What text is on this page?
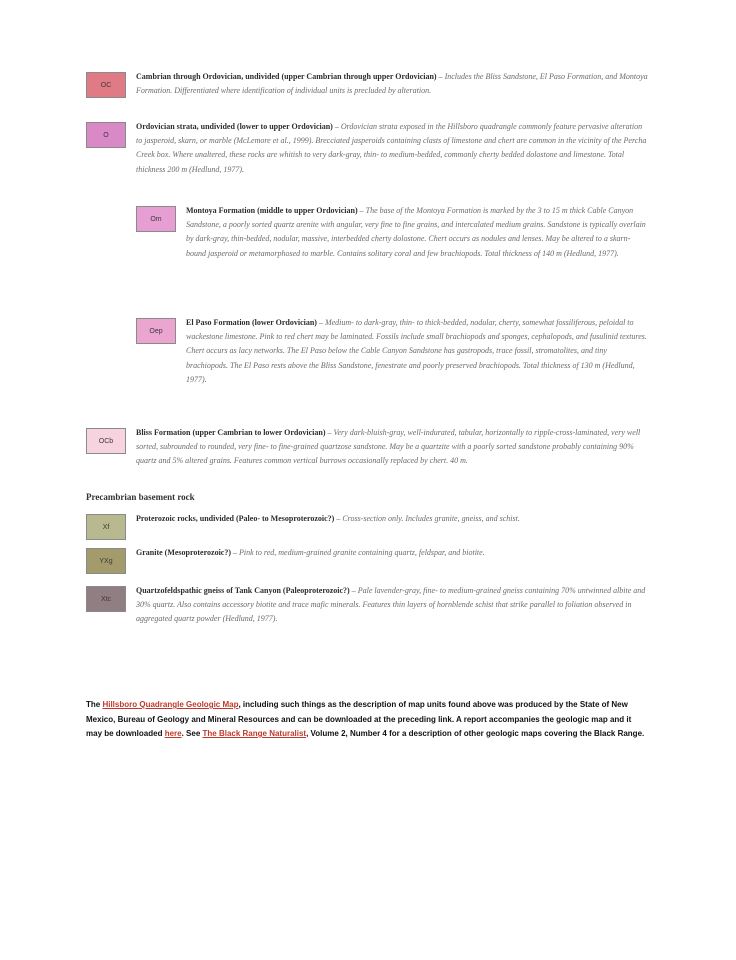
OC
Cambrian through Ordovician, undivided (upper Cambrian through upper Ordovician) – Includes the Bliss Sandstone, El Paso Formation, and Montoya Formation. Differentiated where identification of individual units is precluded by alteration.
O
Ordovician strata, undivided (lower to upper Ordovician) – Ordovician strata exposed in the Hillsboro quadrangle commonly feature pervasive alteration to jasperoid, skarn, or marble (McLemore et al., 1999). Brecciated jasperoids containing clasts of limestone and chert are common in the vicinity of the Percha Creek box. Where unaltered, these rocks are whitish to very dark-gray, thin- to medium-bedded, commonly cherty bedded dolostone and limestone. Total thickness 200 m (Hedlund, 1977).
Om
Montoya Formation (middle to upper Ordovician) – The base of the Montoya Formation is marked by the 3 to 15 m thick Cable Canyon Sandstone, a poorly sorted quartz arenite with angular, very fine to fine grains, and intercalated medium grains. Sandstone is typically overlain by dark-gray, thin-bedded, nodular, massive, interbedded cherty dolostone. Chert occurs as nodules and lenses. May be altered to a skarn-bound jasperoid or metamorphosed to marble. Contains solitary coral and few brachiopods. Total thickness of 140 m (Hedlund, 1977).
Oep
El Paso Formation (lower Ordovician) – Medium- to dark-gray, thin- to thick-bedded, nodular, cherty, somewhat fossiliferous, peloidal to wackestone limestone. Pink to red chert may be laminated. Fossils include small brachiopods and sponges, cephalopods, and fusulinid textures. Chert occurs as lacy networks. The El Paso below the Cable Canyon Sandstone has gastropods, trace fossil, stromatolites, and tiny brachiopods. The El Paso rests above the Bliss Sandstone, fenestrate and poorly preserved brachiopods. Total thickness of 130 m (Hedlund, 1977).
OCb
Bliss Formation (upper Cambrian to lower Ordovician) – Very dark-bluish-gray, well-indurated, tabular, horizontally to ripple-cross-laminated, very well sorted, subrounded to rounded, very fine- to fine-grained quartzose sandstone. May be a quartzite with a poorly sorted sandstone probably containing 90% quartz and 5% altered grains. Features common vertical burrows occasionally replaced by chert. 40 m.
Precambrian basement rock
Xf
Proterozoic rocks, undivided (Paleo- to Mesoproterozoic?) – Cross-section only. Includes granite, gneiss, and schist.
YXg
Granite (Mesoproterozoic?) – Pink to red, medium-grained granite containing quartz, feldspar, and biotite.
Xtc
Quartzofeldspathic gneiss of Tank Canyon (Paleoproterozoic?) – Pale lavender-gray, fine- to medium-grained gneiss containing 70% untwinned albite and 30% quartz. Also contains accessory biotite and trace mafic minerals. Features thin layers of hornblende schist that strike parallel to foliation observed in aggregated quartz powder (Hedlund, 1977).
The Hillsboro Quadrangle Geologic Map, including such things as the description of map units found above was produced by the State of New Mexico, Bureau of Geology and Mineral Resources and can be downloaded at the preceding link. A report accompanies the geologic map and it may be downloaded here. See The Black Range Naturalist, Volume 2, Number 4 for a description of other geologic maps covering the Black Range.
